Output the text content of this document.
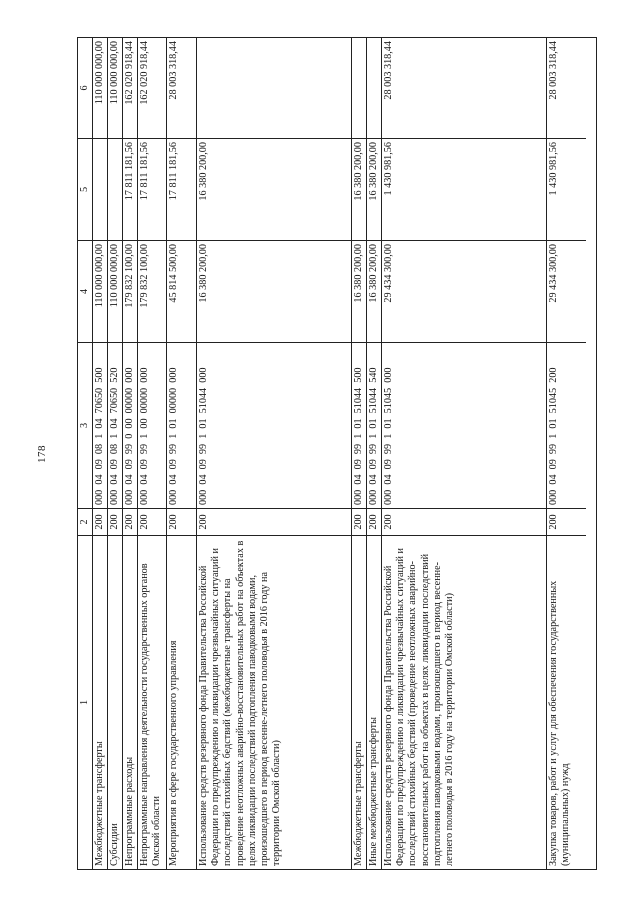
178
1
2
3
4
5
6
Межбюджетные трансферты
200
000  04  09  08  1  04  70650  500
110 000 000,00
110 000 000,00
Субсидии
200
000  04  09  08  1  04  70650  520
110 000 000,00
110 000 000,00
Непрограммные расходы
200
000  04  09  99  0  00  00000  000
179 832 100,00
17 811 181,56
162 020 918,44
Непрограммные направления деятельности государственных органов Омской области
200
000  04  09  99  1  00  00000  000
179 832 100,00
17 811 181,56
162 020 918,44
Мероприятия в сфере государственного управления
200
000  04  09  99  1  01  00000  000
45 814 500,00
17 811 181,56
28 003 318,44
Использование средств резервного фонда Правительства Российской Федерации по предупреждению и ликвидации чрезвычайных ситуаций и последствий стихийных бедствий (межбюджетные трансферты на проведение неотложных аварийно-восстановительных работ на объектах в целях ликвидации последствий подтопления паводковыми водами, произошедшего в период весенне-летнего половодья в 2016 году на территории Омской области)
200
000  04  09  99  1  01  51044  000
16 380 200,00
16 380 200,00
Межбюджетные трансферты
200
000  04  09  99  1  01  51044  500
16 380 200,00
16 380 200,00
Иные межбюджетные трансферты
200
000  04  09  99  1  01  51044  540
16 380 200,00
16 380 200,00
Использование средств резервного фонда Правительства Российской Федерации по предупреждению и ликвидации чрезвычайных ситуаций и последствий стихийных бедствий (проведение неотложных аварийно-восстановительных работ на объектах в целях ликвидации последствий подтопления паводковыми водами, произошедшего в период весенне-летнего половодья в 2016 году на территории Омской области)
200
000  04  09  99  1  01  51045  000
29 434 300,00
1 430 981,56
28 003 318,44
Закупка товаров, работ и услуг для обеспечения государственных (муниципальных) нужд
200
000  04  09  99  1  01  51045  200
29 434 300,00
1 430 981,56
28 003 318,44
